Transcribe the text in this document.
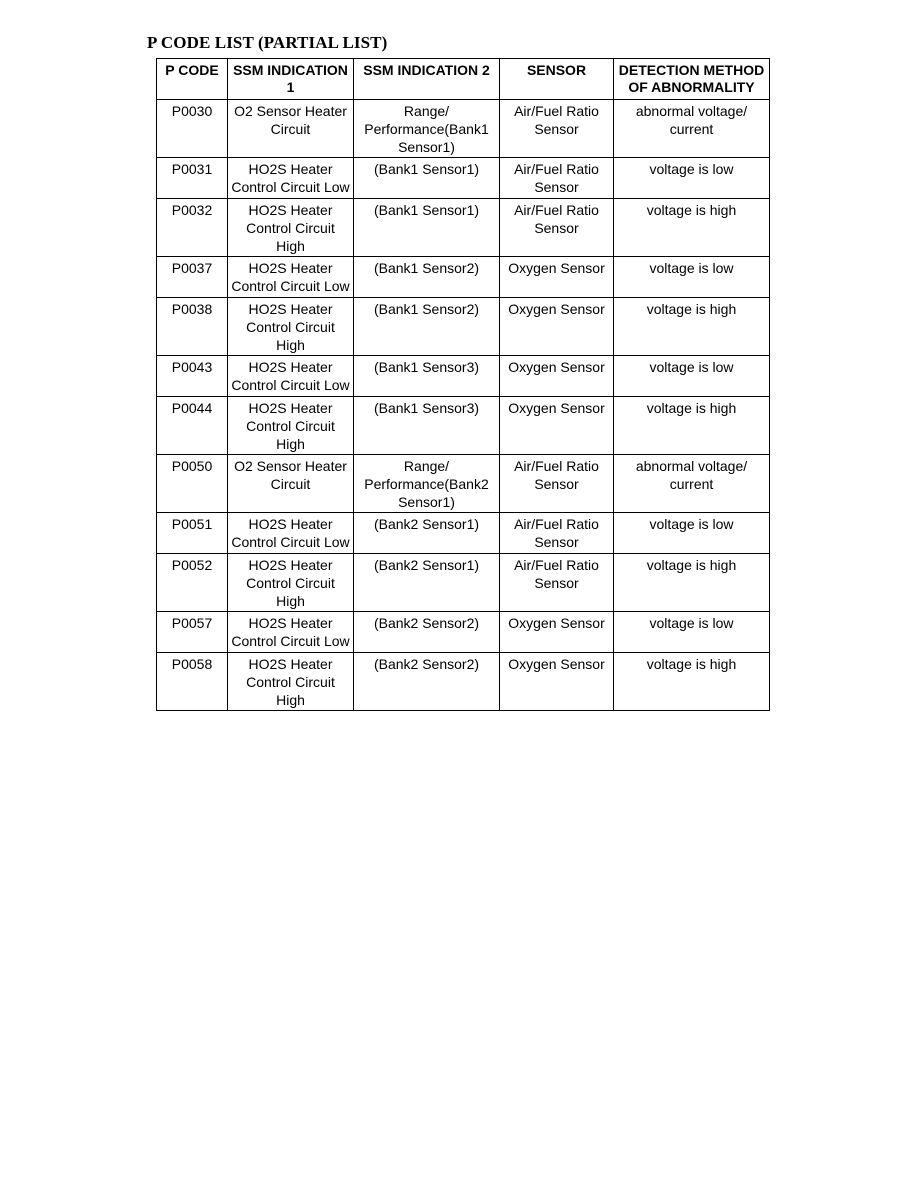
P CODE LIST (PARTIAL LIST)
P CODE	SSM INDICATION 1	SSM INDICATION 2	SENSOR	DETECTION METHOD OF ABNORMALITY
P0030	O2 Sensor Heater Circuit	Range/ Performance(Bank1 Sensor1)	Air/Fuel Ratio Sensor	abnormal voltage/ current
P0031	HO2S Heater Control Circuit Low	(Bank1 Sensor1)	Air/Fuel Ratio Sensor	voltage is low
P0032	HO2S Heater Control Circuit High	(Bank1 Sensor1)	Air/Fuel Ratio Sensor	voltage is high
P0037	HO2S Heater Control Circuit Low	(Bank1 Sensor2)	Oxygen Sensor	voltage is low
P0038	HO2S Heater Control Circuit High	(Bank1 Sensor2)	Oxygen Sensor	voltage is high
P0043	HO2S Heater Control Circuit Low	(Bank1 Sensor3)	Oxygen Sensor	voltage is low
P0044	HO2S Heater Control Circuit High	(Bank1 Sensor3)	Oxygen Sensor	voltage is high
P0050	O2 Sensor Heater Circuit	Range/ Performance(Bank2 Sensor1)	Air/Fuel Ratio Sensor	abnormal voltage/ current
P0051	HO2S Heater Control Circuit Low	(Bank2 Sensor1)	Air/Fuel Ratio Sensor	voltage is low
P0052	HO2S Heater Control Circuit High	(Bank2 Sensor1)	Air/Fuel Ratio Sensor	voltage is high
P0057	HO2S Heater Control Circuit Low	(Bank2 Sensor2)	Oxygen Sensor	voltage is low
P0058	HO2S Heater Control Circuit High	(Bank2 Sensor2)	Oxygen Sensor	voltage is high
